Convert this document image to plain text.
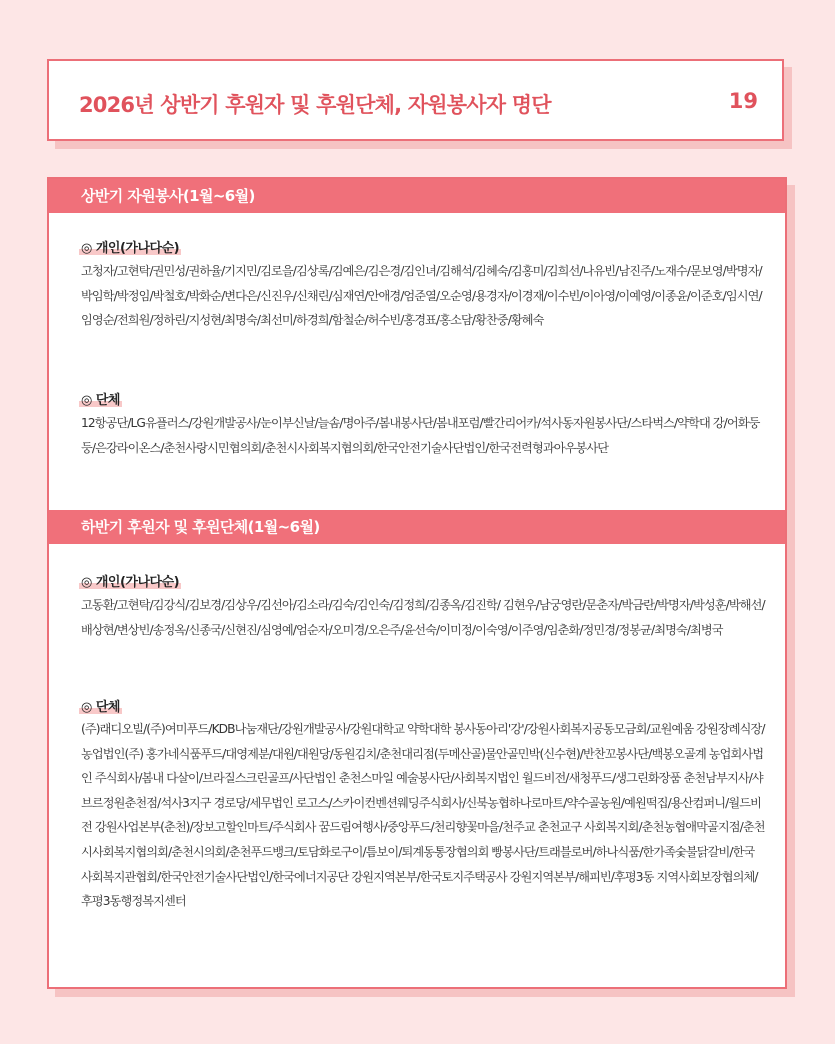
2026년 상반기 후원자 및 후원단체, 자원봉사자 명단	19
상반기 자원봉사(1월~6월)
◎ 개인(가나다순)
고청자/고현탁/권민성/권하율/기지민/김로을/김상록/김예은/김은경/김인녀/김해석/김혜숙/김홍미/김희선/나유빈/남진주/노재수/문보영/박명자/박임학/박정임/박철호/박화순/변다은/신진우/신채린/심재연/안애경/엄준열/오순영/용경자/이경재/이수빈/이아영/이예영/이종윤/이준호/임시연/임영순/전희원/정하린/지성현/최명숙/최선미/하경희/함철순/허수빈/홍경표/홍소담/황찬중/황혜숙
◎ 단체
12항공단/LG유플러스/강원개발공사/눈이부신날/늘솜/명아주/봄내봉사단/봄내포럼/빨간리어카/석사동자원봉사단/스타벅스/약학대 강/어화둥둥/은강라이온스/춘천사랑시민협의회/춘천시사회복지협의회/한국안전기술사단법인/한국전력형과아우봉사단
하반기 후원자 및 후원단체(1월~6월)
◎ 개인(가나다순)
고동환/고현탁/김강식/김보경/김상우/김선아/김소라/김숙/김인숙/김정희/김종옥/김진학/ 김현우/남궁영란/문춘자/박금란/박명자/박성훈/박해선/배상현/변상빈/송정옥/신종국/신현진/심영예/엄순자/오미경/오은주/윤선숙/이미정/이숙영/이주영/임춘화/정민경/정봉균/최명숙/최병국
◎ 단체
(주)래디오빌/(주)여미푸드/KDB나눔재단/강원개발공사/강원대학교 약학대학 봉사동아리'강'/강원사회복지공동모금회/교원예움 강원장례식장/농업법인(주) 홍가네식품푸드/대영제분/대원/대원당/동원김치/춘천대리점(두메산골)물안골민박(신수현)/반찬꼬봉사단/백봉오골계 농업회사법인 주식회사/봄내 다살이/브라질스크린골프/사단법인 춘천스마일 예술봉사단/사회복지법인 월드비전/새청푸드/생그린화장품 춘천남부지사/샤브르정원춘천점/석사3지구 경로당/세무법인 로고스/스카이컨벤션웨딩주식회사/신북농협하나로마트/약수골농원/예원떡집/용산컴퍼니/월드비전 강원사업본부(춘천)/장보고할인마트/주식회사 꿈드림여행사/중앙푸드/천리향꽃마을/천주교 춘천교구 사회복지회/춘천농협애막골지점/춘천시사회복지협의회/춘천시의회/춘천푸드뱅크/토담화로구이/틈보이/퇴계동통장협의회 빵봉사단/트래블로버/하나식품/한가족숯불닭갈비/한국사회복지관협회/한국안전기술사단법인/한국에너지공단 강원지역본부/한국토지주택공사 강원지역본부/해피빈/후평3동 지역사회보장협의체/후평3동행정복지센터
